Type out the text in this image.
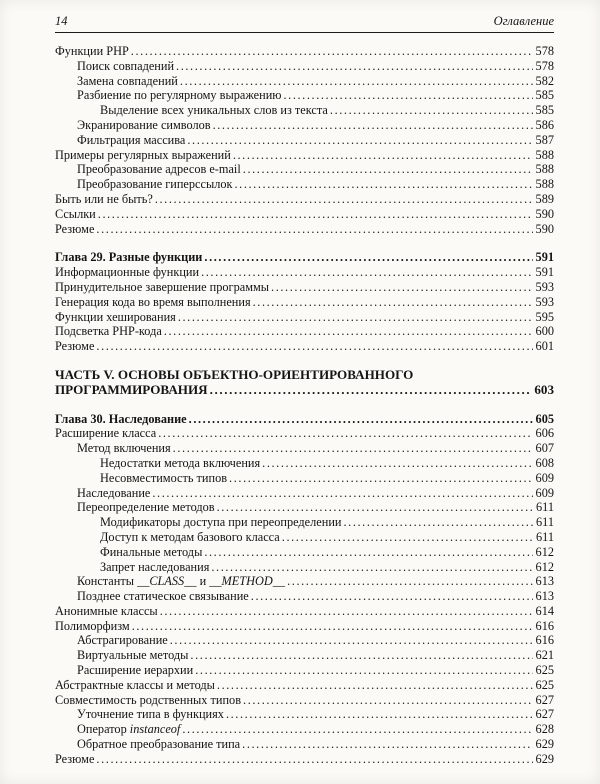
14	Оглавление
Функции PHP .....	578
Поиск совпадений .....	578
Замена совпадений .....	582
Разбиение по регулярному выражению .....	585
Выделение всех уникальных слов из текста .....	585
Экранирование символов .....	586
Фильтрация массива .....	587
Примеры регулярных выражений .....	588
Преобразование адресов e-mail .....	588
Преобразование гиперссылок .....	588
Быть или не быть? .....	589
Ссылки .....	590
Резюме .....	590
Глава 29. Разные функции .....	591
Информационные функции .....	591
Принудительное завершение программы .....	593
Генерация кода во время выполнения .....	593
Функции хеширования .....	595
Подсветка PHP-кода .....	600
Резюме .....	601
ЧАСТЬ V. ОСНОВЫ ОБЪЕКТНО-ОРИЕНТИРОВАННОГО
ПРОГРАММИРОВАНИЯ .....	603
Глава 30. Наследование .....	605
Расширение класса .....	606
Метод включения .....	607
Недостатки метода включения .....	608
Несовместимость типов .....	609
Наследование .....	609
Переопределение методов .....	611
Модификаторы доступа при переопределении .....	611
Доступ к методам базового класса .....	611
Финальные методы .....	612
Запрет наследования .....	612
Константы __CLASS__ и __METHOD__ .....	613
Позднее статическое связывание .....	613
Анонимные классы .....	614
Полиморфизм .....	616
Абстрагирование .....	616
Виртуальные методы .....	621
Расширение иерархии .....	625
Абстрактные классы и методы .....	625
Совместимость родственных типов .....	627
Уточнение типа в функциях .....	627
Оператор instanceof .....	628
Обратное преобразование типа .....	629
Резюме .....	629
